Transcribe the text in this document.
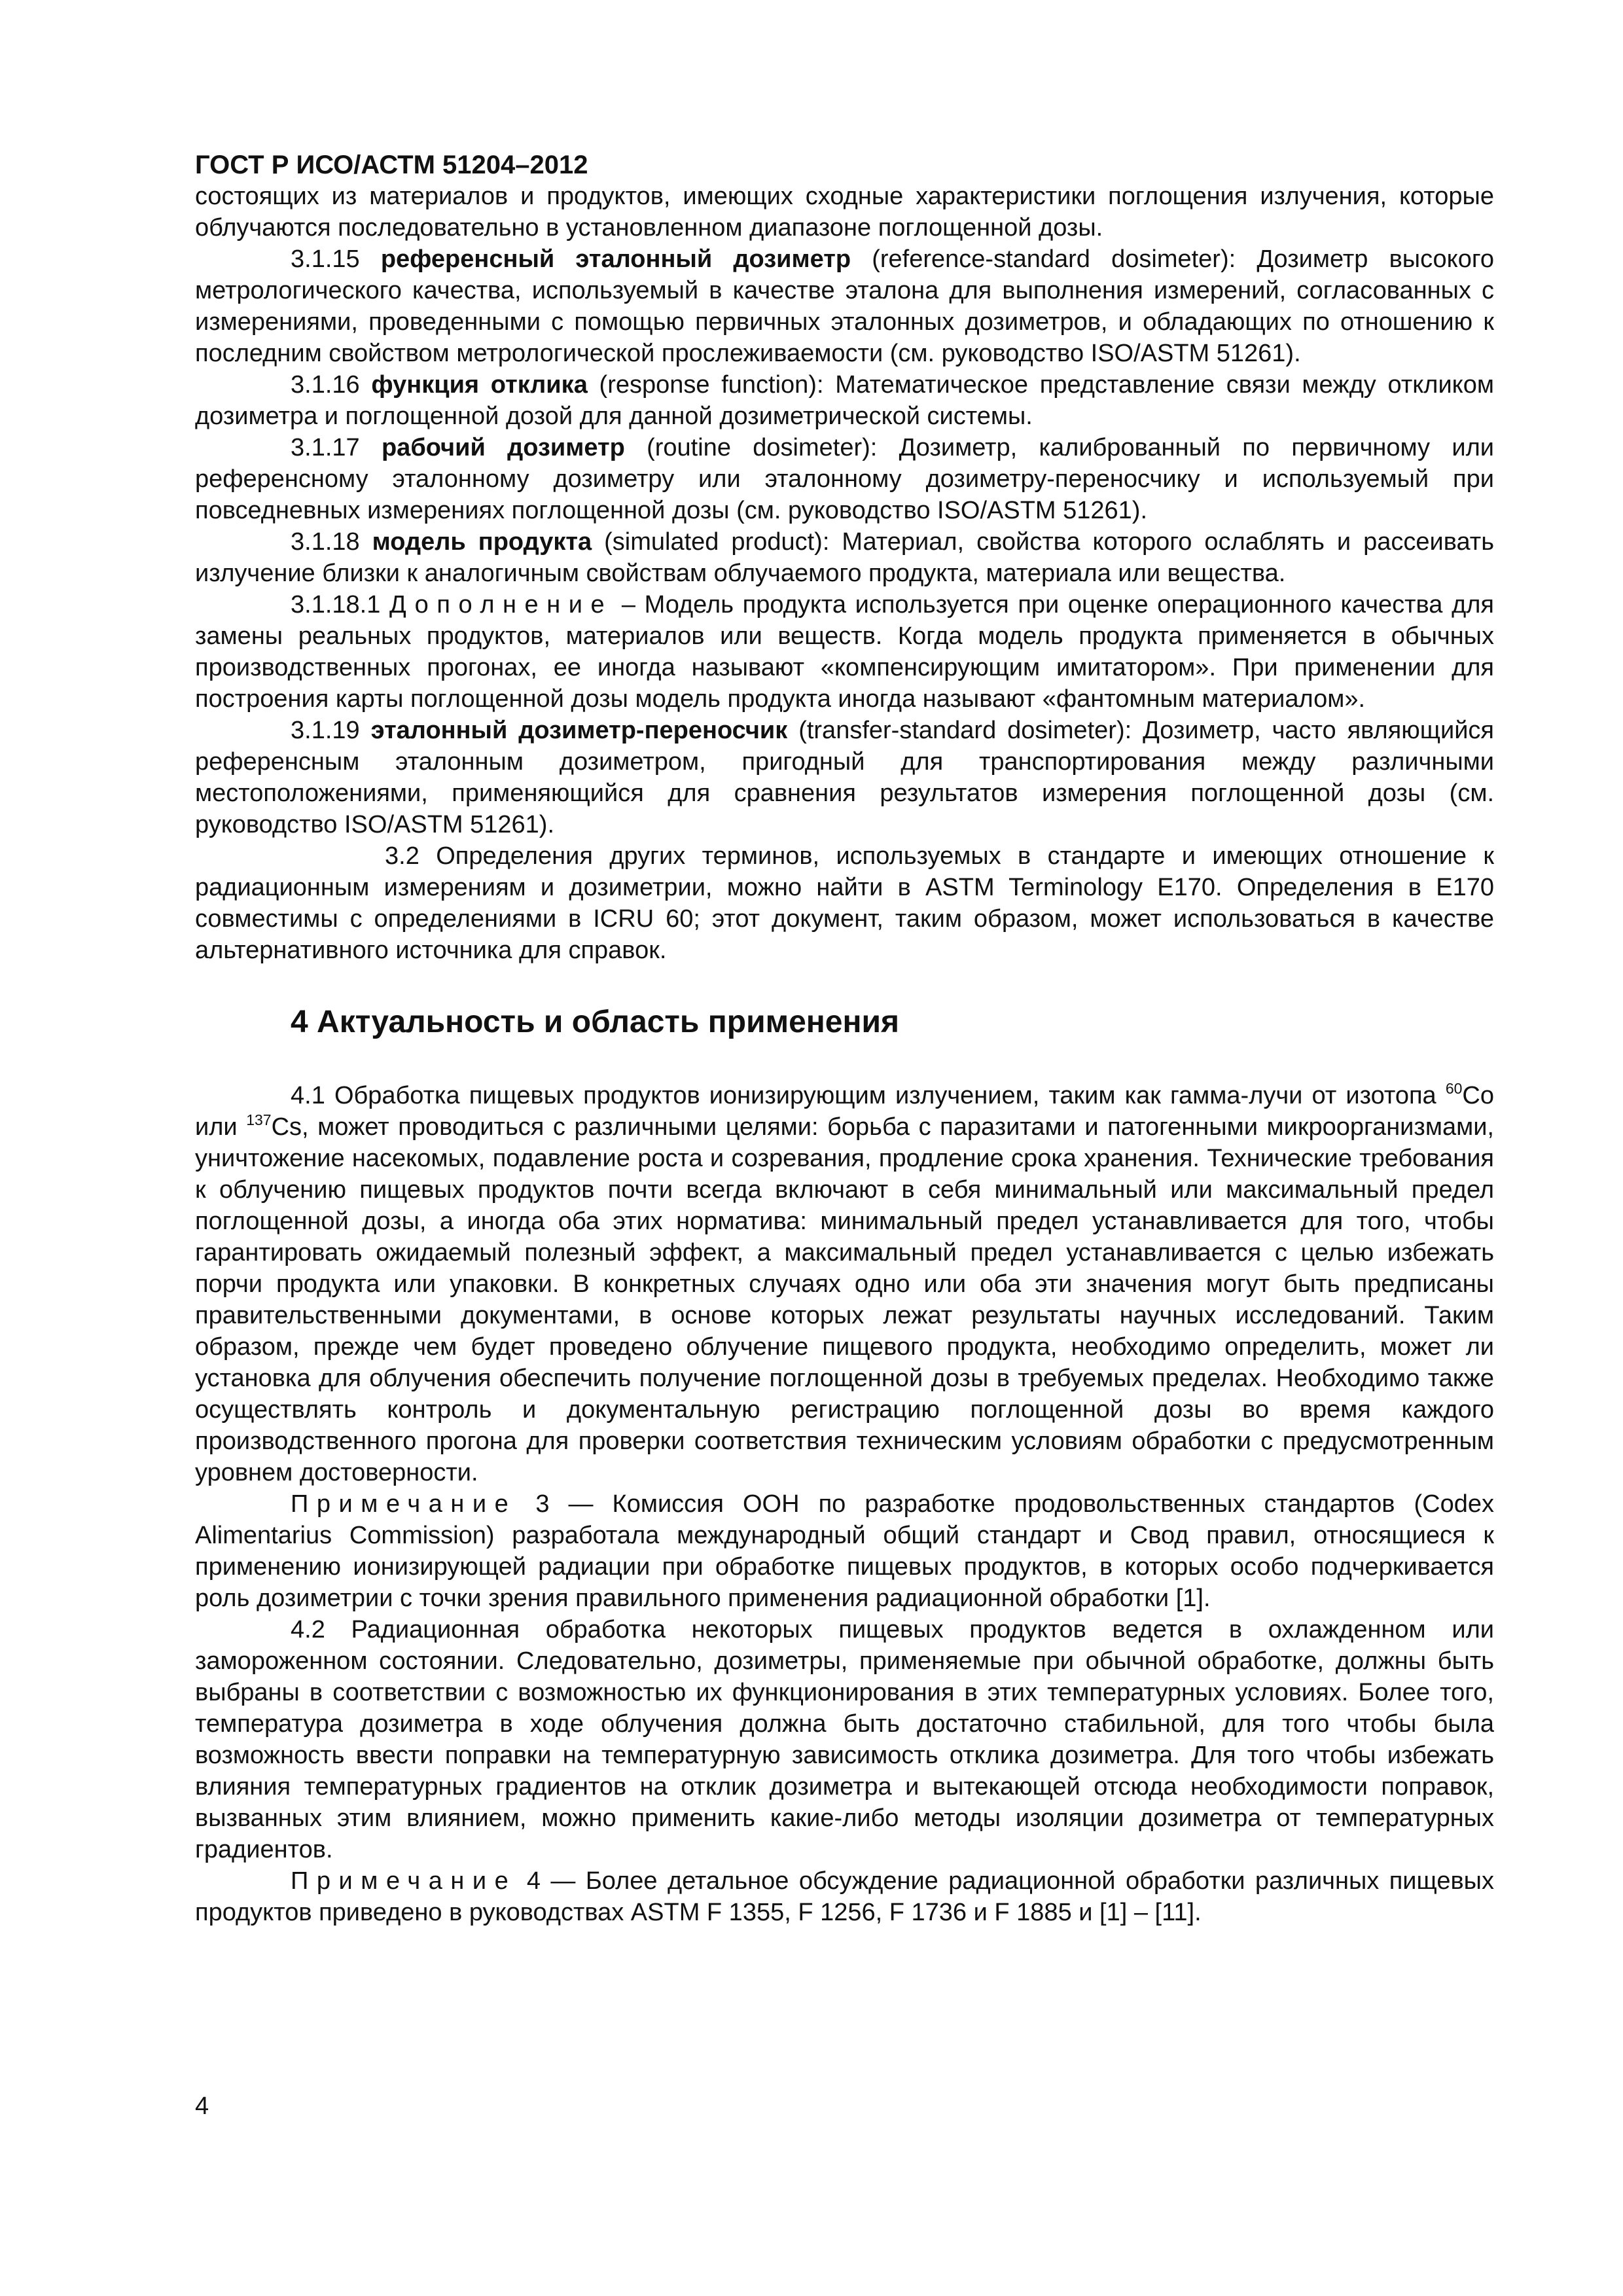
ГОСТ Р ИСО/АСТМ 51204–2012

состоящих из материалов и продуктов, имеющих сходные характеристики поглощения излучения, которые облучаются последовательно в установленном диапазоне поглощенной дозы.

3.1.15 референсный эталонный дозиметр (reference-standard dosimeter): Дозиметр высокого метрологического качества, используемый в качестве эталона для выполнения измерений, согласованных с измерениями, проведенными с помощью первичных эталонных дозиметров, и обладающих по отношению к последним свойством метрологической прослеживаемости (см. руководство ISO/ASTM 51261).

3.1.16 функция отклика (response function): Математическое представление связи между откликом дозиметра и поглощенной дозой для данной дозиметрической системы.

3.1.17 рабочий дозиметр (routine dosimeter): Дозиметр, калиброванный по первичному или референсному эталонному дозиметру или эталонному дозиметру-переносчику и используемый при повседневных измерениях поглощенной дозы (см. руководство ISO/ASTM 51261).

3.1.18 модель продукта (simulated product): Материал, свойства которого ослаблять и рассеивать излучение близки к аналогичным свойствам облучаемого продукта, материала или вещества.

3.1.18.1 Дополнение – Модель продукта используется при оценке операционного качества для замены реальных продуктов, материалов или веществ. Когда модель продукта применяется в обычных производственных прогонах, ее иногда называют «компенсирующим имитатором». При применении для построения карты поглощенной дозы модель продукта иногда называют «фантомным материалом».

3.1.19 эталонный дозиметр-переносчик (transfer-standard dosimeter): Дозиметр, часто являющийся референсным эталонным дозиметром, пригодный для транспортирования между различными местоположениями, применяющийся для сравнения результатов измерения поглощенной дозы (см. руководство ISO/ASTM 51261).

3.2 Определения других терминов, используемых в стандарте и имеющих отношение к радиационным измерениям и дозиметрии, можно найти в ASTM Terminology E170. Определения в E170 совместимы с определениями в ICRU 60; этот документ, таким образом, может использоваться в качестве альтернативного источника для справок.

4 Актуальность и область применения

4.1 Обработка пищевых продуктов ионизирующим излучением, таким как гамма-лучи от изотопа $^{60}$Co или $^{137}$Cs, может проводиться с различными целями: борьба с паразитами и патогенными микроорганизмами, уничтожение насекомых, подавление роста и созревания, продление срока хранения. Технические требования к облучению пищевых продуктов почти всегда включают в себя минимальный или максимальный предел поглощенной дозы, а иногда оба этих норматива: минимальный предел устанавливается для того, чтобы гарантировать ожидаемый полезный эффект, а максимальный предел устанавливается с целью избежать порчи продукта или упаковки. В конкретных случаях одно или оба эти значения могут быть предписаны правительственными документами, в основе которых лежат результаты научных исследований. Таким образом, прежде чем будет проведено облучение пищевого продукта, необходимо определить, может ли установка для облучения обеспечить получение поглощенной дозы в требуемых пределах. Необходимо также осуществлять контроль и документальную регистрацию поглощенной дозы во время каждого производственного прогона для проверки соответствия техническим условиям обработки с предусмотренным уровнем достоверности.

Примечание 3 — Комиссия ООН по разработке продовольственных стандартов (Codex Alimentarius Commission) разработала международный общий стандарт и Свод правил, относящиеся к применению ионизирующей радиации при обработке пищевых продуктов, в которых особо подчеркивается роль дозиметрии с точки зрения правильного применения радиационной обработки [1].

4.2 Радиационная обработка некоторых пищевых продуктов ведется в охлажденном или замороженном состоянии. Следовательно, дозиметры, применяемые при обычной обработке, должны быть выбраны в соответствии с возможностью их функционирования в этих температурных условиях. Более того, температура дозиметра в ходе облучения должна быть достаточно стабильной, для того чтобы была возможность ввести поправки на температурную зависимость отклика дозиметра. Для того чтобы избежать влияния температурных градиентов на отклик дозиметра и вытекающей отсюда необходимости поправок, вызванных этим влиянием, можно применить какие-либо методы изоляции дозиметра от температурных градиентов.

Примечание 4 — Более детальное обсуждение радиационной обработки различных пищевых продуктов приведено в руководствах ASTM F 1355, F 1256, F 1736 и F 1885 и [1] – [11].

4
